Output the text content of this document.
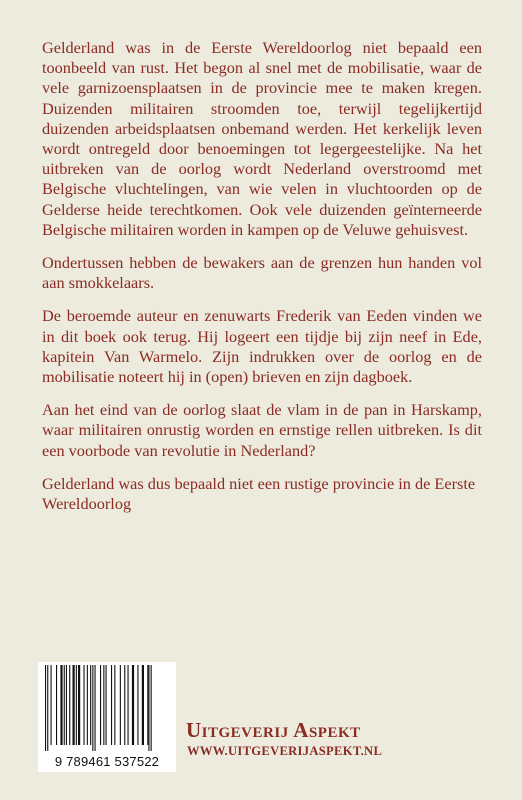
Gelderland was in de Eerste Wereldoorlog niet bepaald een toonbeeld van rust. Het begon al snel met de mobilisatie, waar de vele garnizoensplaatsen in de provincie mee te maken kregen. Duizenden militairen stroomden toe, terwijl tegelijkertijd duizenden arbeidsplaatsen onbemand werden. Het kerkelijk leven wordt ontregeld door benoemingen tot legergeestelijke. Na het uitbreken van de oorlog wordt Nederland overstroomd met Belgische vluchtelingen, van wie velen in vluchtoorden op de Gelderse heide terechtkomen. Ook vele duizenden geïnterneerde Belgische militairen worden in kampen op de Veluwe gehuisvest.

Ondertussen hebben de bewakers aan de grenzen hun handen vol aan smokkelaars.

De beroemde auteur en zenuwarts Frederik van Eeden vinden we in dit boek ook terug. Hij logeert een tijdje bij zijn neef in Ede, kapitein Van Warmelo. Zijn indrukken over de oorlog en de mobilisatie noteert hij in (open) brieven en zijn dagboek.

Aan het eind van de oorlog slaat de vlam in de pan in Harskamp, waar militairen onrustig worden en ernstige rellen uitbreken. Is dit een voorbode van revolutie in Nederland?

Gelderland was dus bepaald niet een rustige provincie in de Eerste Wereldoorlog

9 789461 537522
Uitgeverij Aspekt
WWW.UITGEVERIJASPEKT.NL
